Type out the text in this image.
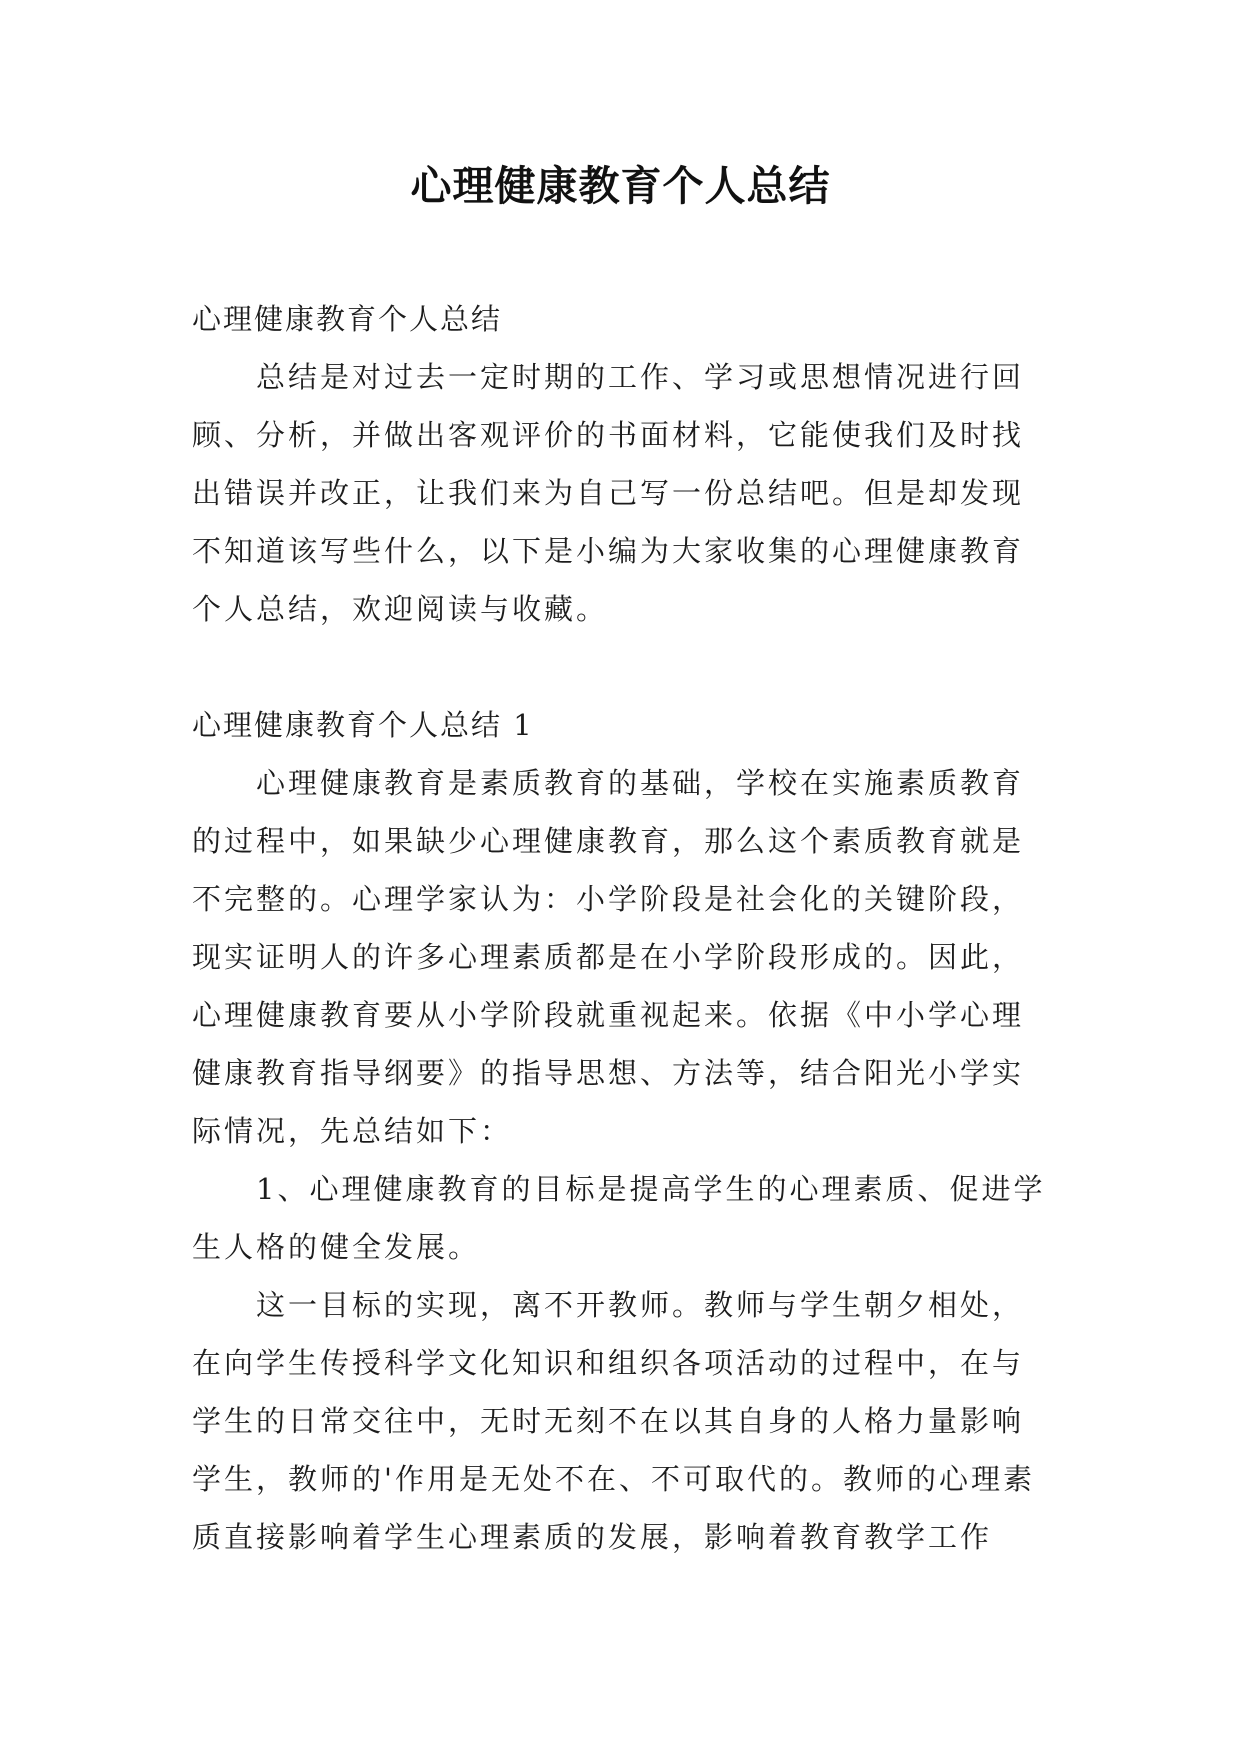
心理健康教育个人总结

心理健康教育个人总结

总结是对过去一定时期的工作、学习或思想情况进行回顾、分析，并做出客观评价的书面材料，它能使我们及时找出错误并改正，让我们来为自己写一份总结吧。但是却发现不知道该写些什么，以下是小编为大家收集的心理健康教育个人总结，欢迎阅读与收藏。

心理健康教育个人总结 1

心理健康教育是素质教育的基础，学校在实施素质教育的过程中，如果缺少心理健康教育，那么这个素质教育就是不完整的。心理学家认为：小学阶段是社会化的关键阶段，现实证明人的许多心理素质都是在小学阶段形成的。因此，心理健康教育要从小学阶段就重视起来。依据《中小学心理健康教育指导纲要》的指导思想、方法等，结合阳光小学实际情况，先总结如下：

1、心理健康教育的目标是提高学生的心理素质、促进学生人格的健全发展。

这一目标的实现，离不开教师。教师与学生朝夕相处，在向学生传授科学文化知识和组织各项活动的过程中，在与学生的日常交往中，无时无刻不在以其自身的人格力量影响学生，教师的'作用是无处不在、不可取代的。教师的心理素质直接影响着学生心理素质的发展，影响着教育教学工作
